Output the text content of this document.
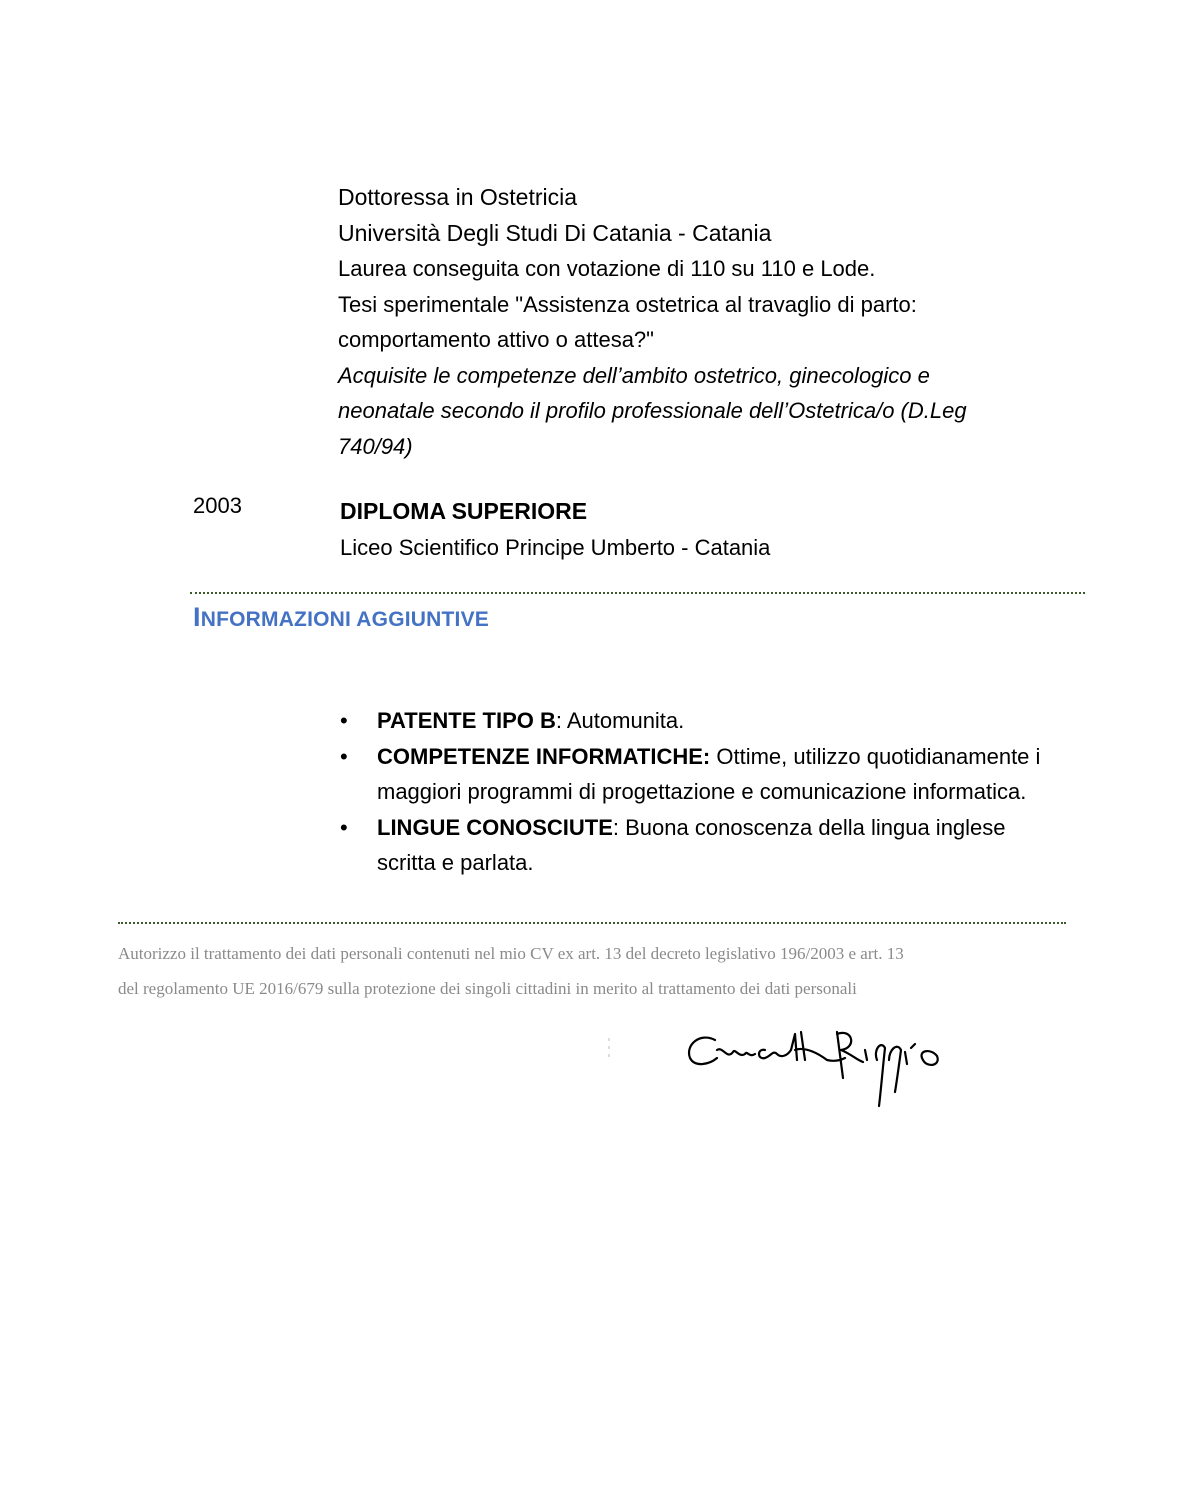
Dottoressa in Ostetricia
Università Degli Studi Di Catania - Catania
Laurea conseguita con votazione di 110 su 110 e Lode.
Tesi sperimentale "Assistenza ostetrica al travaglio di parto:
comportamento attivo o attesa?"
Acquisite le competenze dell’ambito ostetrico, ginecologico e
neonatale secondo il profilo professionale dell’Ostetrica/o (D.Leg
740/94)
2003	DIPLOMA SUPERIORE
Liceo Scientifico Principe Umberto - Catania
INFORMAZIONI AGGIUNTIVE
• PATENTE TIPO B: Automunita.
• COMPETENZE INFORMATICHE: Ottime, utilizzo quotidianamente i maggiori programmi di progettazione e comunicazione informatica.
• LINGUE CONOSCIUTE: Buona conoscenza della lingua inglese scritta e parlata.
Autorizzo il trattamento dei dati personali contenuti nel mio CV ex art. 13 del decreto legislativo 196/2003 e art. 13
del regolamento UE 2016/679 sulla protezione dei singoli cittadini in merito al trattamento dei dati personali
